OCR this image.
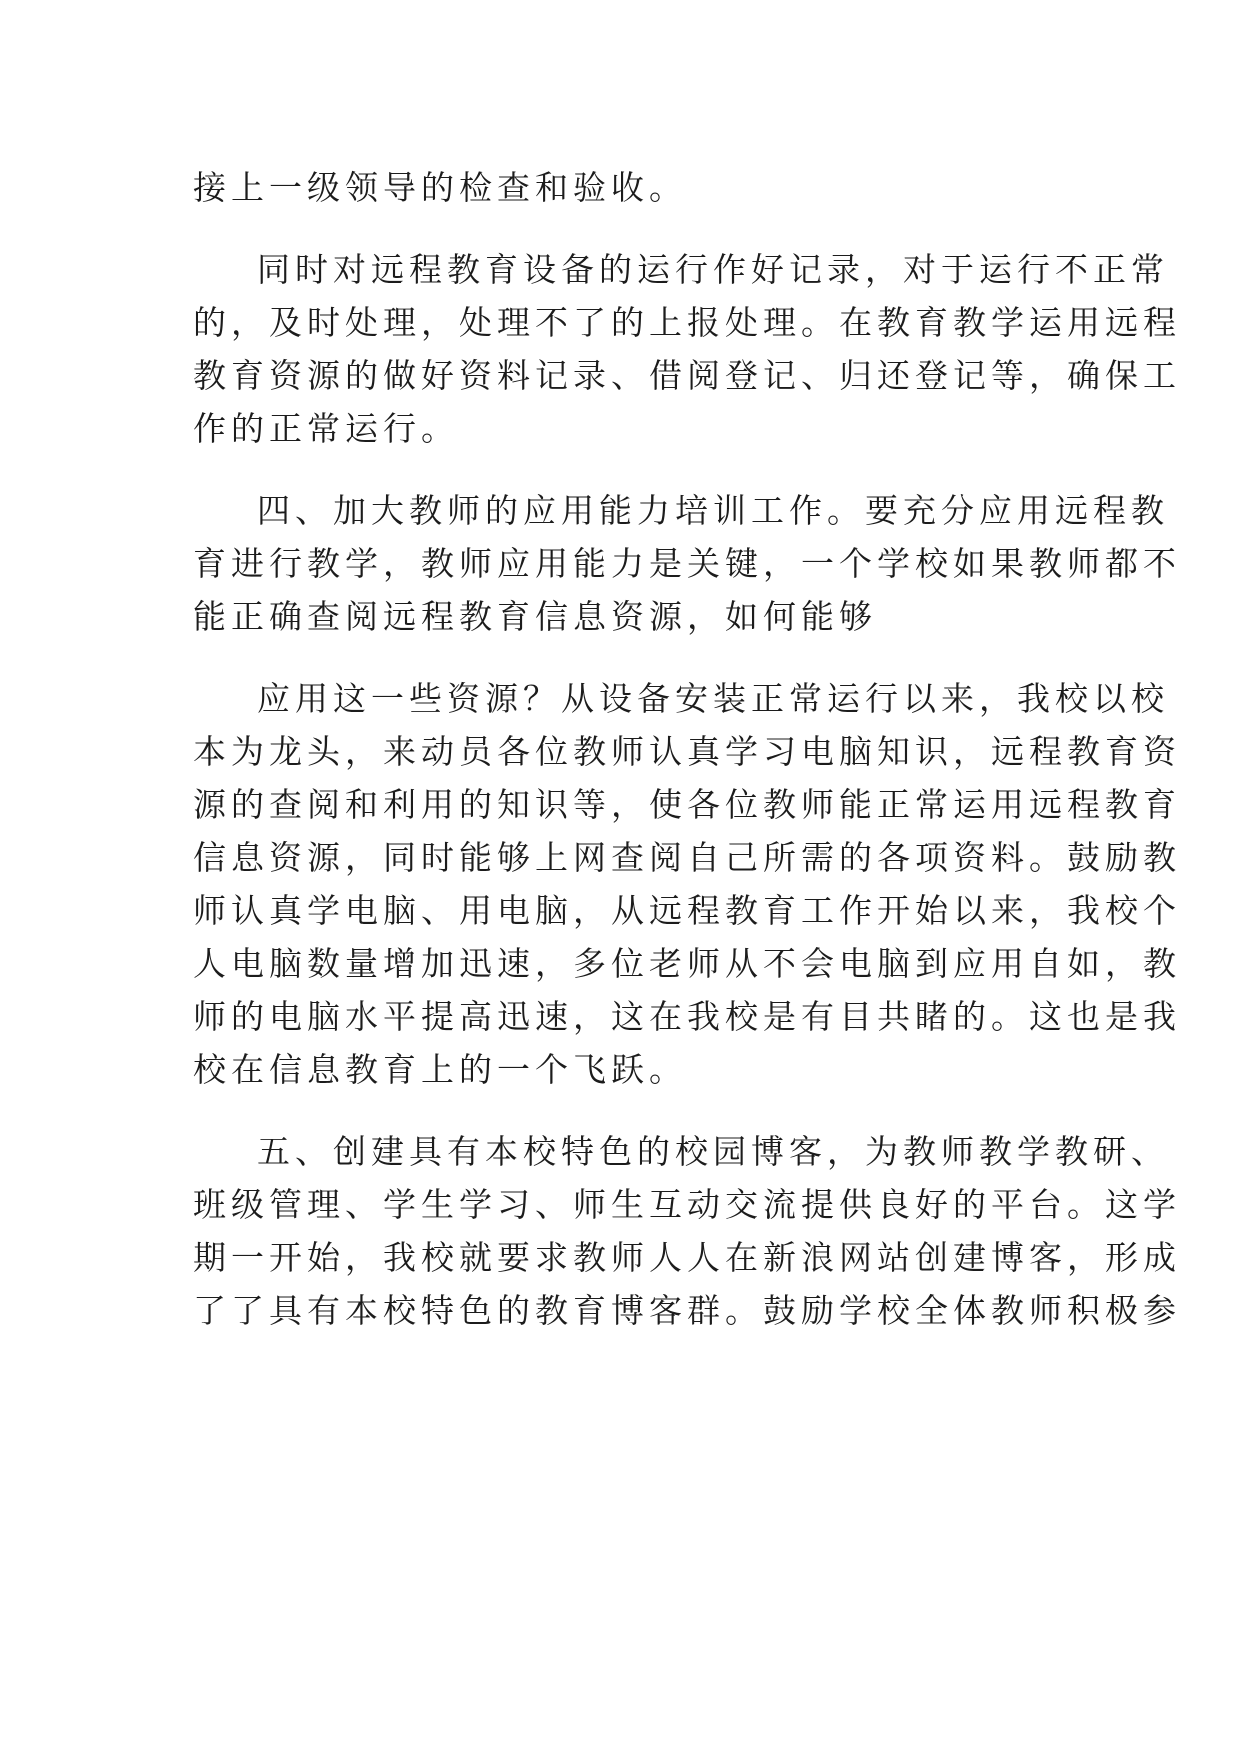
接上一级领导的检查和验收。
同时对远程教育设备的运行作好记录，对于运行不正常
的，及时处理，处理不了的上报处理。在教育教学运用远程
教育资源的做好资料记录、借阅登记、归还登记等，确保工
作的正常运行。
四、加大教师的应用能力培训工作。要充分应用远程教
育进行教学，教师应用能力是关键，一个学校如果教师都不
能正确查阅远程教育信息资源，如何能够
应用这一些资源？从设备安装正常运行以来，我校以校
本为龙头，来动员各位教师认真学习电脑知识，远程教育资
源的查阅和利用的知识等，使各位教师能正常运用远程教育
信息资源，同时能够上网查阅自己所需的各项资料。鼓励教
师认真学电脑、用电脑，从远程教育工作开始以来，我校个
人电脑数量增加迅速，多位老师从不会电脑到应用自如，教
师的电脑水平提高迅速，这在我校是有目共睹的。这也是我
校在信息教育上的一个飞跃。
五、创建具有本校特色的校园博客，为教师教学教研、
班级管理、学生学习、师生互动交流提供良好的平台。这学
期一开始，我校就要求教师人人在新浪网站创建博客，形成
了了具有本校特色的教育博客群。鼓励学校全体教师积极参
